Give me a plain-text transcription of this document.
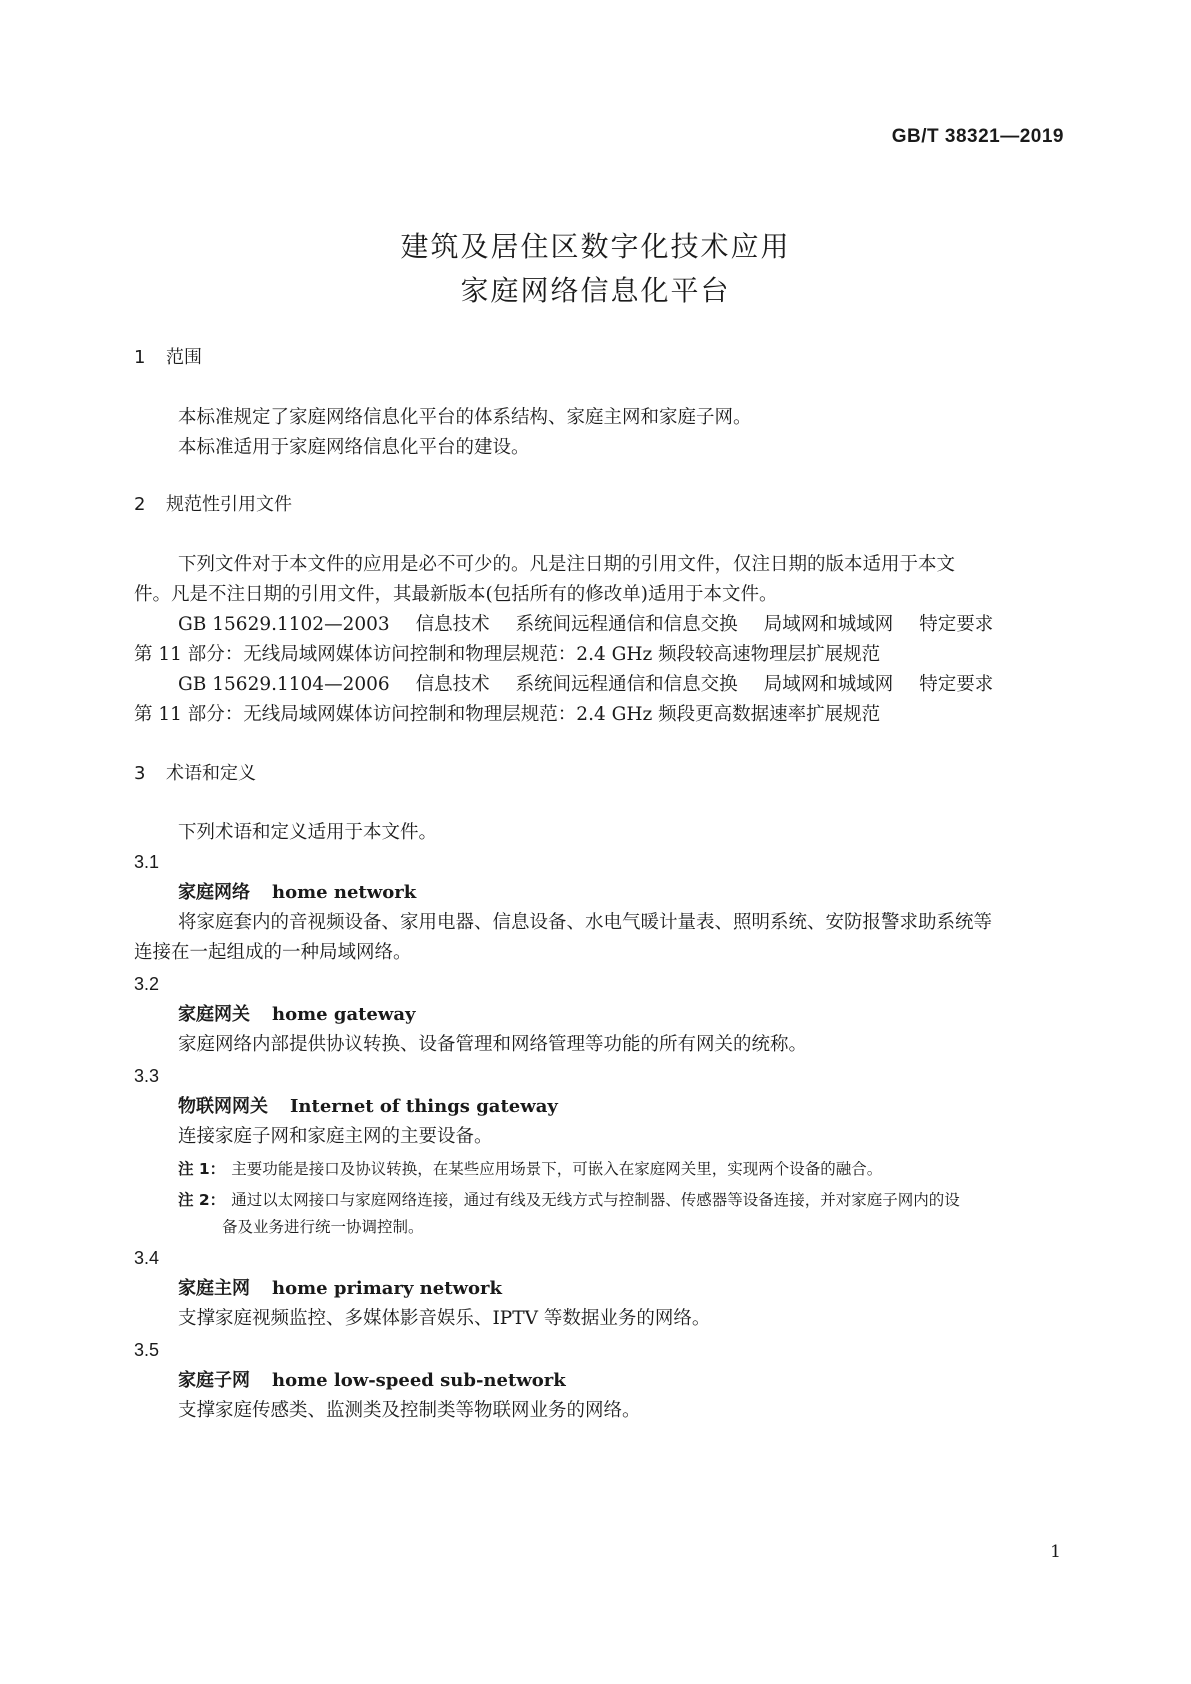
GB/T 38321—2019
建筑及居住区数字化技术应用
家庭网络信息化平台
1 范围
本标准规定了家庭网络信息化平台的体系结构、家庭主网和家庭子网。
本标准适用于家庭网络信息化平台的建设。
2 规范性引用文件
下列文件对于本文件的应用是必不可少的。凡是注日期的引用文件，仅注日期的版本适用于本文
件。凡是不注日期的引用文件，其最新版本(包括所有的修改单)适用于本文件。
GB 15629.1102—2003 信息技术 系统间远程通信和信息交换 局域网和城域网 特定要求
第 11 部分：无线局域网媒体访问控制和物理层规范：2.4 GHz 频段较高速物理层扩展规范
GB 15629.1104—2006 信息技术 系统间远程通信和信息交换 局域网和城域网 特定要求
第 11 部分：无线局域网媒体访问控制和物理层规范：2.4 GHz 频段更高数据速率扩展规范
3 术语和定义
下列术语和定义适用于本文件。
3.1
家庭网络 home network
将家庭套内的音视频设备、家用电器、信息设备、水电气暖计量表、照明系统、安防报警求助系统等
连接在一起组成的一种局域网络。
3.2
家庭网关 home gateway
家庭网络内部提供协议转换、设备管理和网络管理等功能的所有网关的统称。
3.3
物联网网关 Internet of things gateway
连接家庭子网和家庭主网的主要设备。
注 1： 主要功能是接口及协议转换，在某些应用场景下，可嵌入在家庭网关里，实现两个设备的融合。
注 2： 通过以太网接口与家庭网络连接，通过有线及无线方式与控制器、传感器等设备连接，并对家庭子网内的设
备及业务进行统一协调控制。
3.4
家庭主网 home primary network
支撑家庭视频监控、多媒体影音娱乐、IPTV 等数据业务的网络。
3.5
家庭子网 home low-speed sub-network
支撑家庭传感类、监测类及控制类等物联网业务的网络。
1
